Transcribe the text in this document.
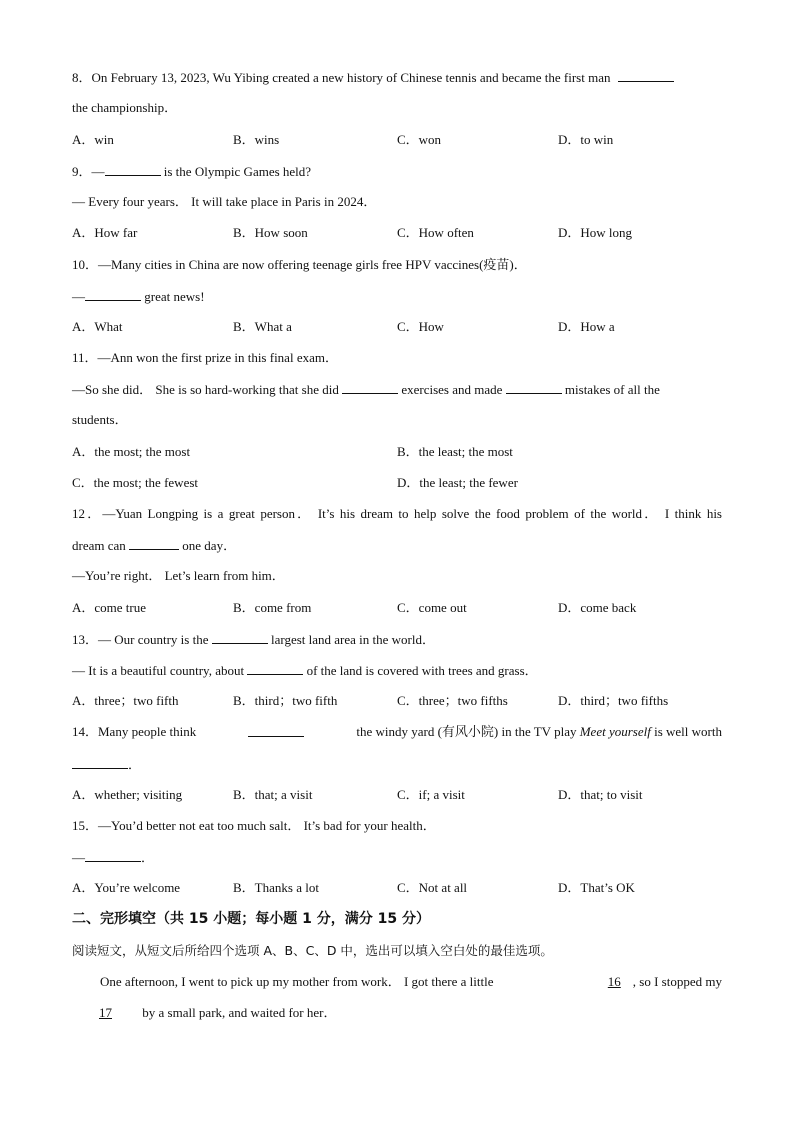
8．On February 13, 2023, Wu Yibing created a new history of Chinese tennis and became the first man
the championship．
A．win	B．wins	C．won	D．to win
9．—	is the Olympic Games held?
— Every four years． It will take place in Paris in 2024．
A．How far	B．How soon	C．How often	D．How long
10．—Many cities in China are now offering teenage girls free HPV vaccines(疫苗)．
—	great news!
A．What	B．What a	C．How	D．How a
11．—Ann won the first prize in this final exam．
—So she did． She is so hard-working that she did	exercises and made	mistakes of all the
students．
A．the most; the most	B．the least; the most
C．the most; the fewest	D．the least; the fewer
12．—Yuan Longping is a great person． It’s his dream to help solve the food problem of the world． I think his
dream can	one day．
—You’re right． Let’s learn from him．
A．come true	B．come from	C．come out	D．come back
13．— Our country is the	largest land area in the world．
— It is a beautiful country, about	of the land is covered with trees and grass．
A．three；two fifth	B．third；two fifth	C．three；two fifths	D．third；two fifths
14．Many people think	the windy yard (有风小院) in the TV play Meet yourself is well worth
．
A．whether; visiting	B．that; a visit	C．if; a visit	D．that; to visit
15．—You’d better not eat too much salt． It’s bad for your health．
—	．
A．You’re welcome	B．Thanks a lot	C．Not at all	D．That’s OK
二、完形填空（共 15 小题；每小题 1 分，满分 15 分）
阅读短文，从短文后所给四个选项 A、B、C、D 中，选出可以填入空白处的最佳选项。
One afternoon, I went to pick up my mother from work． I got there a little	16 , so I stopped my
17 by a small park, and waited for her．
